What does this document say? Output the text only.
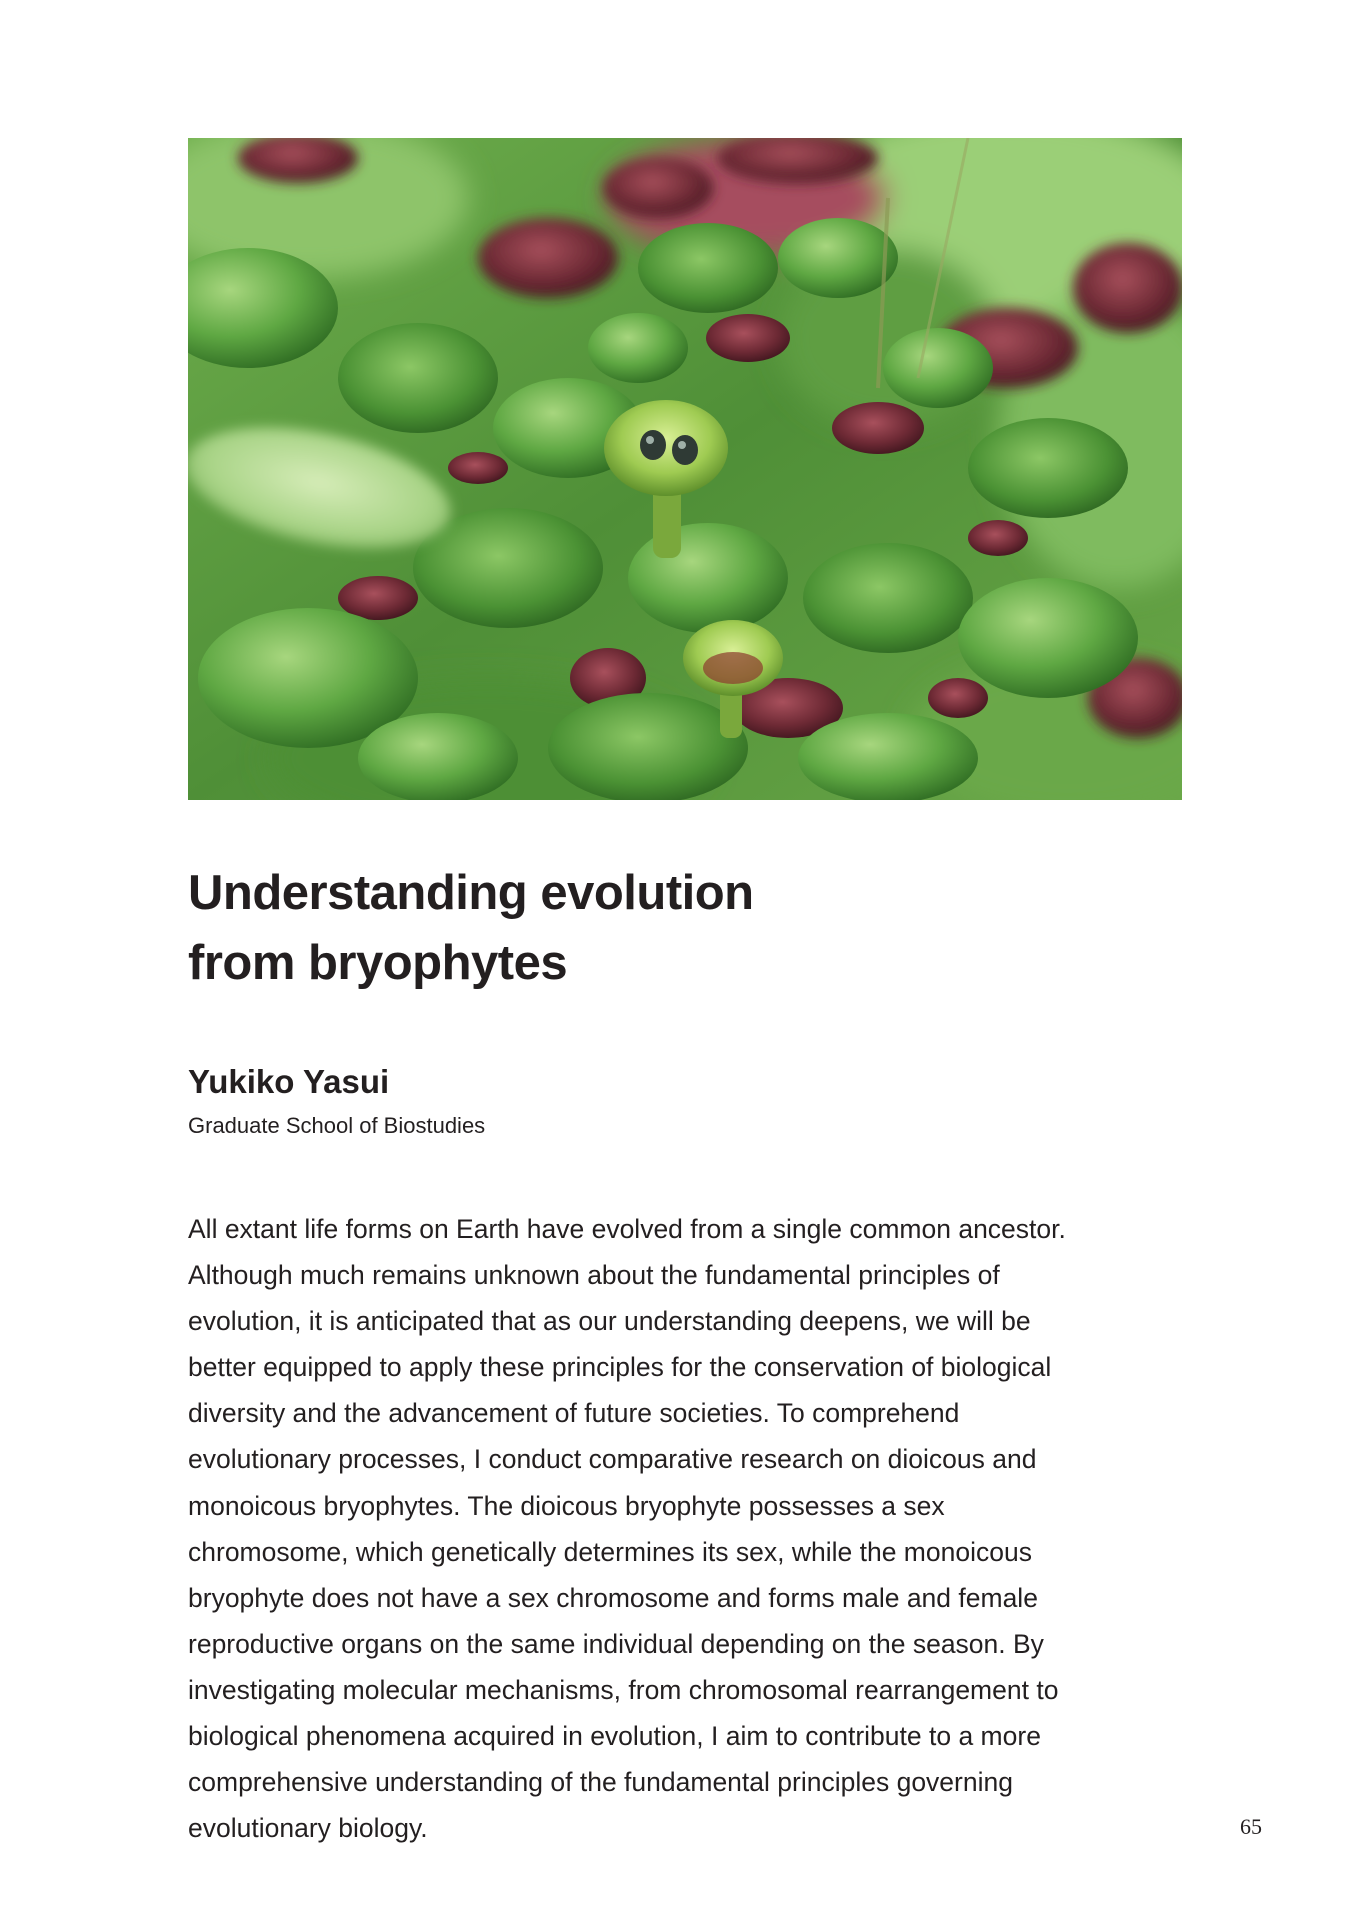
Understanding evolution
from bryophytes
Yukiko Yasui
Graduate School of Biostudies

All extant life forms on Earth have evolved from a single common ancestor.
Although much remains unknown about the fundamental principles of
evolution, it is anticipated that as our understanding deepens, we will be
better equipped to apply these principles for the conservation of biological
diversity and the advancement of future societies. To comprehend
evolutionary processes, I conduct comparative research on dioicous and
monoicous bryophytes. The dioicous bryophyte possesses a sex
chromosome, which genetically determines its sex, while the monoicous
bryophyte does not have a sex chromosome and forms male and female
reproductive organs on the same individual depending on the season. By
investigating molecular mechanisms, from chromosomal rearrangement to
biological phenomena acquired in evolution, I aim to contribute to a more
comprehensive understanding of the fundamental principles governing
evolutionary biology.	65
